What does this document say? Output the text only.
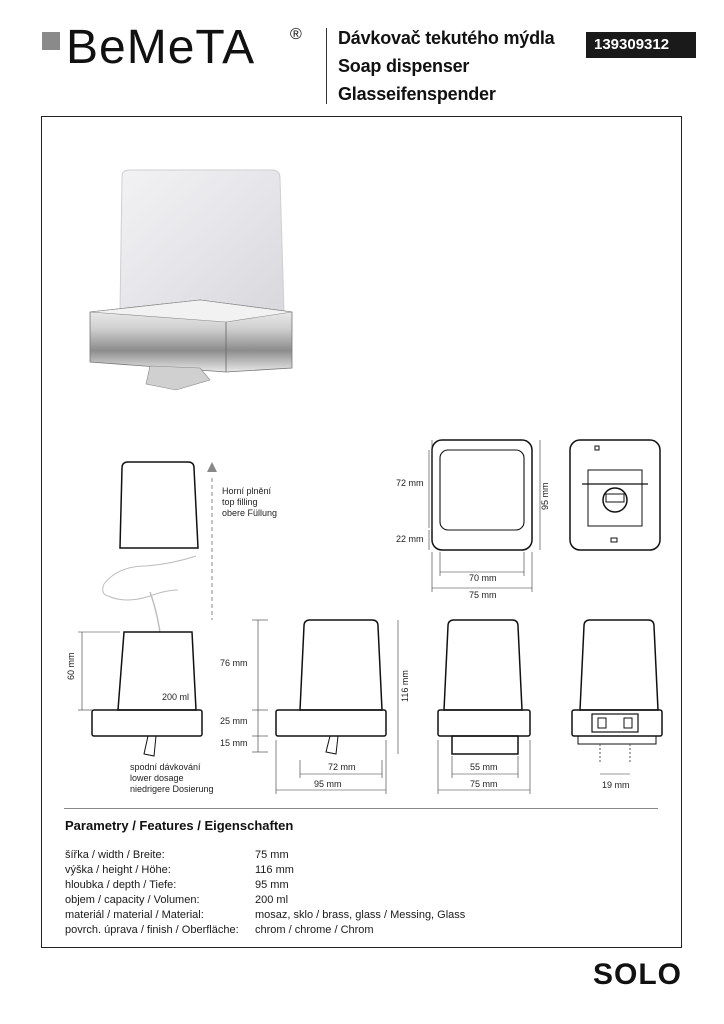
BeMeTA ® Dávkovač tekutého mýdla
Soap dispenser
Glasseifenspender
139309312
72 mm
22 mm
95 mm
70 mm
75 mm
Horní plnění
top filling
obere Füllung
60 mm
200 ml
spodní dávkování
lower dosage
niedrigere Dosierung
76 mm
25 mm
15 mm
116 mm
72 mm
95 mm
55 mm
75 mm	19 mm
Parametry / Features / Eigenschaften
šířka / width / Breite:	75 mm
výška / height / Höhe:	116 mm
hloubka / depth / Tiefe:	95 mm
objem / capacity / Volumen:	200 ml
materiál / material / Material:	mosaz, sklo / brass, glass / Messing, Glass
povrch. úprava / finish / Oberfläche:	chrom / chrome / Chrom
SOLO
